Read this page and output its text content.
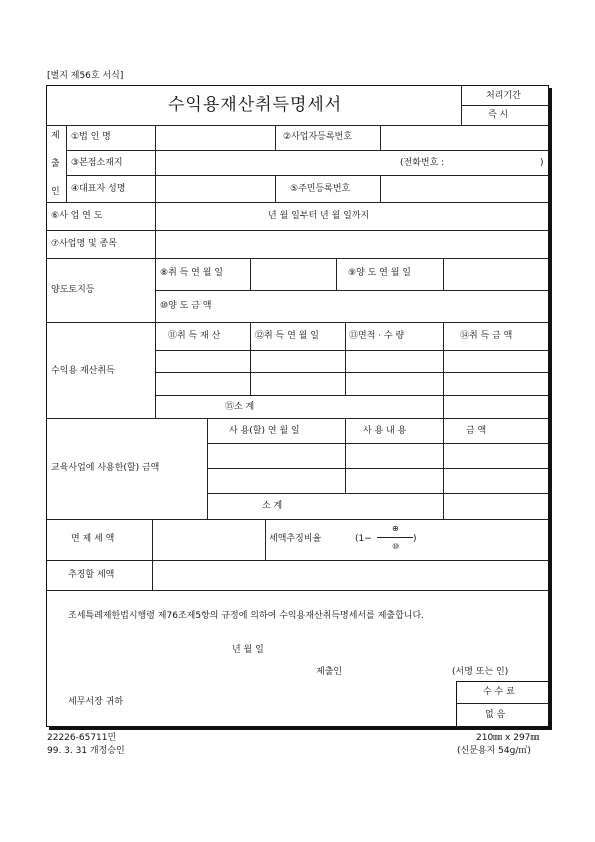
[별지 제56호 서식]
수익용재산취득명세서	처리기간
즉 시
제
출
인
①법 인 명	②사업자등록번호
③본점소재지	(전화번호 :	)
④대표자 성명	⑤주민등록번호
⑥사 업 연 도	년 월 일부터 년 월 일까지
⑦사업명 및 종목
양도토지등
⑧취 득 연 월 일	⑨양 도 연 월 일
⑩양 도 금 액
수익용 재산취득
⑪취 득 재 산	⑫취 득 연 월 일	⑬면적 · 수 량	⑭취 득 금 액
⑮소 계
교육사업에 사용한(할) 금액
사 용(할) 연 월 일	사 용 내 용	금 액
소 계
면 제 세 액	세액추징비율	(1−
⊕
⑩
)
추징할 세액
조세특례제한법시행령 제76조제5항의 규정에 의하여 수익용재산취득명세서를 제출합니다.
년 월 일
제출인	(서명 또는 인)
세무서장 귀하
수 수 료
없 음
22226-65711민
99. 3. 31 개정승인
210㎜ x 297㎜
(신문용지 54g/㎡)
